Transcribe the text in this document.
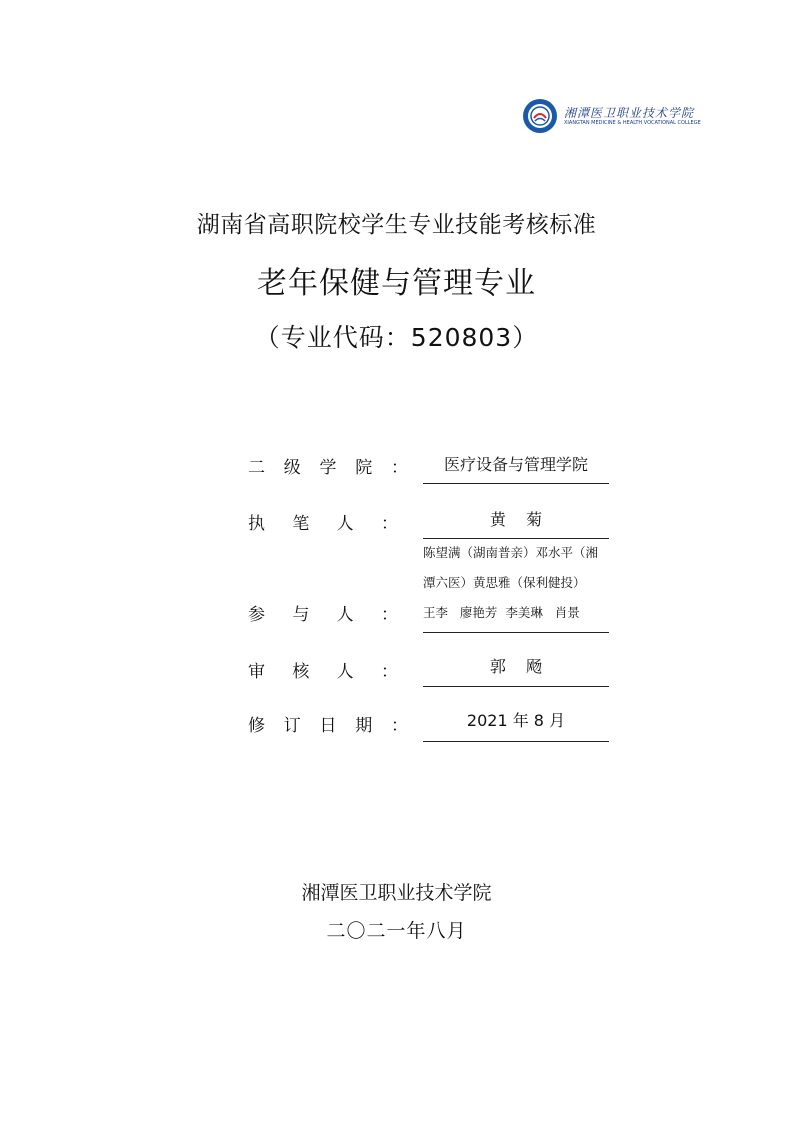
湘潭医卫职业技术学院
XIANGTAN MEDICINE & HEALTH VOCATIONAL COLLEGE
湖南省高职院校学生专业技能考核标准
老年保健与管理专业
（专业代码：520803）
二 级 学 院 ：	医疗设备与管理学院
执 笔 人 ：	黄    菊
参 与 人 ：
陈望满（湖南普亲）邓水平（湘
潭六医）黄思雅（保利健投）
王李   廖艳芳  李美琳   肖景
审 核 人 ：	郭    飏
修 订 日 期 ：	2021 年 8 月
湘潭医卫职业技术学院
二〇二一年八月
